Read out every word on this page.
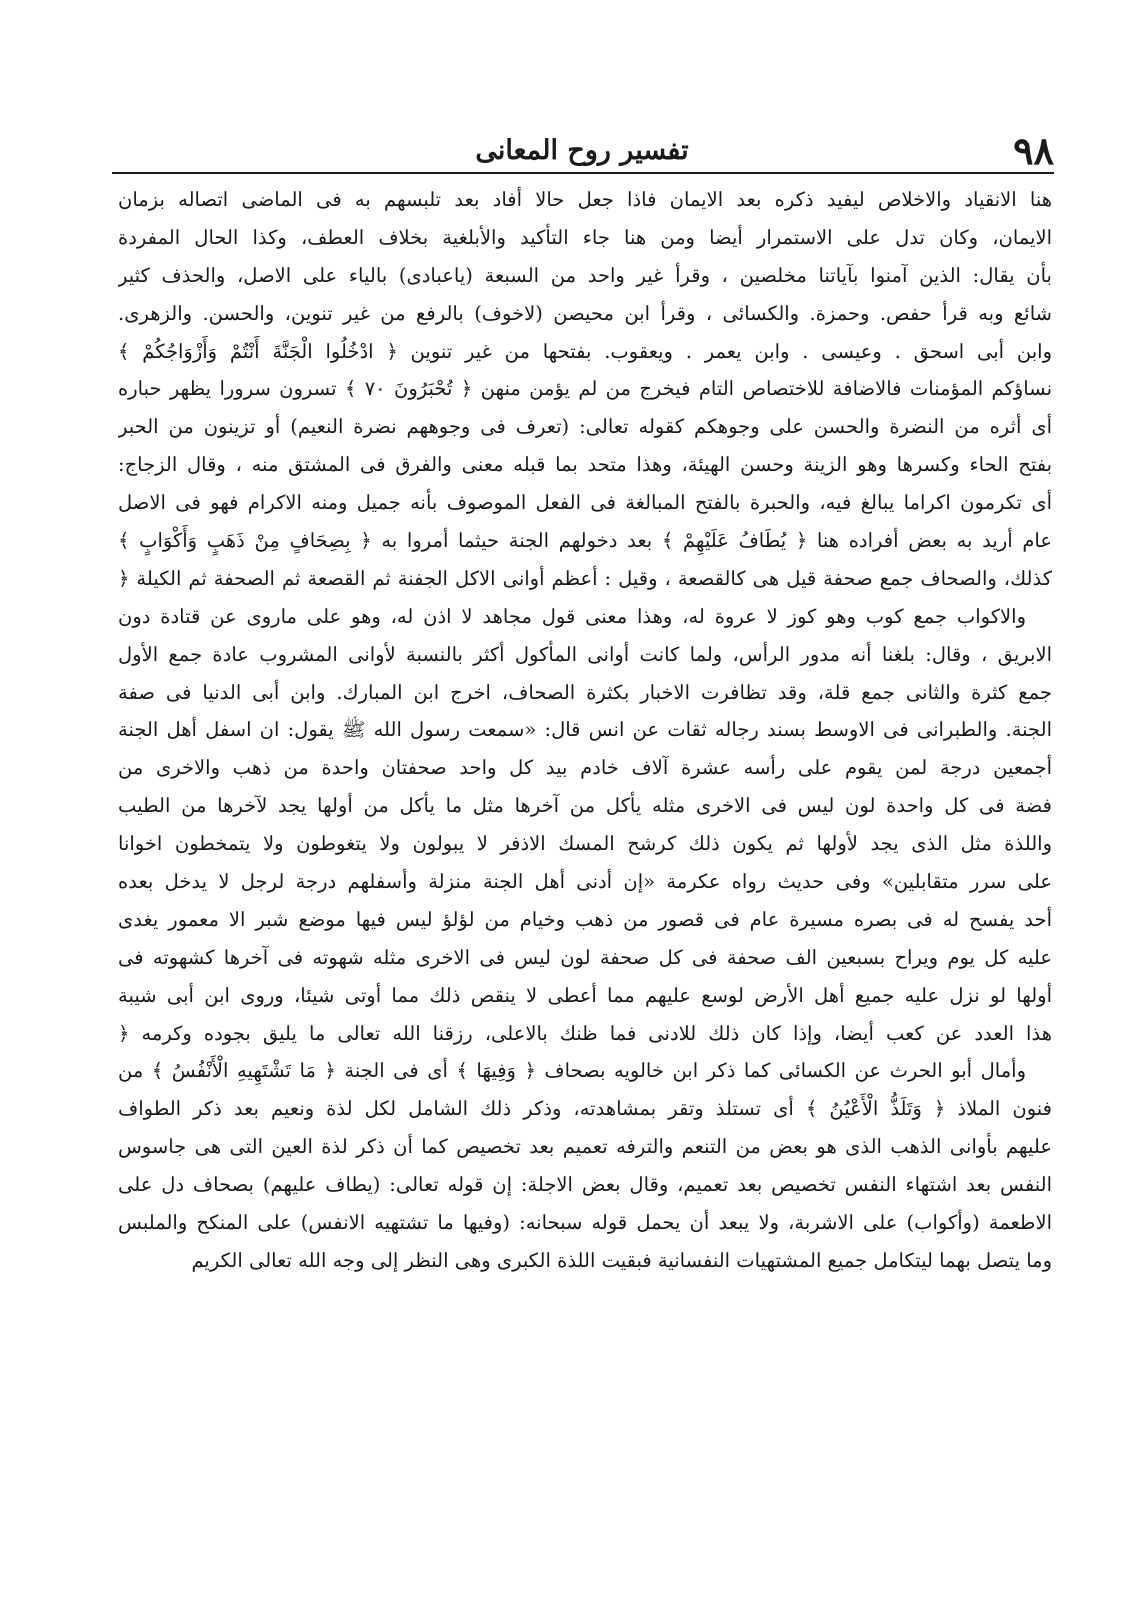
٩٨
تفسير روح المعانى
هنا الانقياد والاخلاص ليفيد ذكره بعد الايمان فاذا جعل حالا أفاد بعد تلبسهم به فى الماضى اتصاله بزمان
الايمان، وكان تدل على الاستمرار أيضا ومن هنا جاء التأكيد والأبلغية بخلاف العطف، وكذا الحال المفردة
بأن يقال: الذين آمنوا بآياتنا مخلصين ، وقرأ غير واحد من السبعة (ياعبادى) بالياء على الاصل، والحذف كثير
شائع وبه قرأ حفص. وحمزة. والكسائى ، وقرأ ابن محيصن (لاخوف) بالرفع من غير تنوين، والحسن. والزهرى.
وابن أبى اسحق . وعيسى . وابن يعمر . ويعقوب. بفتحها من غير تنوين ﴿ ادْخُلُوا الْجَنَّةَ أَنْتُمْ وَأَزْوَاجُكُمْ ﴾
نساؤكم المؤمنات فالاضافة للاختصاص التام فيخرج من لم يؤمن منهن ﴿ تُحْبَرُونَ ٧٠ ﴾ تسرون سرورا يظهر حباره
أى أثره من النضرة والحسن على وجوهكم كقوله تعالى: (تعرف فى وجوههم نضرة النعيم) أو تزينون من الحبر
بفتح الحاء وكسرها وهو الزينة وحسن الهيئة، وهذا متحد بما قبله معنى والفرق فى المشتق منه ، وقال الزجاج:
أى تكرمون اكراما يبالغ فيه، والحبرة بالفتح المبالغة فى الفعل الموصوف بأنه جميل ومنه الاكرام فهو فى الاصل
عام أريد به بعض أفراده هنا ﴿ يُطَافُ عَلَيْهِمْ ﴾ بعد دخولهم الجنة حيثما أمروا به ﴿ بِصِحَافٍ مِنْ ذَهَبٍ وَأَكْوَابٍ ﴾
كذلك، والصحاف جمع صحفة قيل هى كالقصعة ، وقيل : أعظم أوانى الاكل الجفنة ثم القصعة ثم الصحفة ثم الكيلة ﴿
والاكواب جمع كوب وهو كوز لا عروة له، وهذا معنى قول مجاهد لا اذن له، وهو على ماروى عن قتادة دون
الابريق ، وقال: بلغنا أنه مدور الرأس، ولما كانت أوانى المأكول أكثر بالنسبة لأوانى المشروب عادة جمع الأول
جمع كثرة والثانى جمع قلة، وقد تظافرت الاخبار بكثرة الصحاف، اخرج ابن المبارك. وابن أبى الدنيا فى صفة
الجنة. والطبرانى فى الاوسط بسند رجاله ثقات عن انس قال: «سمعت رسول الله ﷺ يقول: ان اسفل أهل الجنة
أجمعين درجة لمن يقوم على رأسه عشرة آلاف خادم بيد كل واحد صحفتان واحدة من ذهب والاخرى من
فضة فى كل واحدة لون ليس فى الاخرى مثله يأكل من آخرها مثل ما يأكل من أولها يجد لآخرها من الطيب
واللذة مثل الذى يجد لأولها ثم يكون ذلك كرشح المسك الاذفر لا يبولون ولا يتغوطون ولا يتمخطون اخوانا
على سرر متقابلين» وفى حديث رواه عكرمة «إن أدنى أهل الجنة منزلة وأسفلهم درجة لرجل لا يدخل بعده
أحد يفسح له فى بصره مسيرة عام فى قصور من ذهب وخيام من لؤلؤ ليس فيها موضع شبر الا معمور يغدى
عليه كل يوم ويراح بسبعين الف صحفة فى كل صحفة لون ليس فى الاخرى مثله شهوته فى آخرها كشهوته فى
أولها لو نزل عليه جميع أهل الأرض لوسع عليهم مما أعطى لا ينقص ذلك مما أوتى شيئا، وروى ابن أبى شيبة
هذا العدد عن كعب أيضا، وإذا كان ذلك للادنى فما ظنك بالاعلى، رزقنا الله تعالى ما يليق بجوده وكرمه ﴿
وأمال أبو الحرث عن الكسائى كما ذكر ابن خالويه بصحاف ﴿ وَفِيهَا ﴾ أى فى الجنة ﴿ مَا تَشْتَهِيهِ الْأَنْفُسُ ﴾ من
فنون الملاذ ﴿ وَتَلَذُّ الْأَعْيُنُ ﴾ أى تستلذ وتقر بمشاهدته، وذكر ذلك الشامل لكل لذة ونعيم بعد ذكر الطواف
عليهم بأوانى الذهب الذى هو بعض من التنعم والترفه تعميم بعد تخصيص كما أن ذكر لذة العين التى هى جاسوس
النفس بعد اشتهاء النفس تخصيص بعد تعميم، وقال بعض الاجلة: إن قوله تعالى: (يطاف عليهم) بصحاف دل على
الاطعمة (وأكواب) على الاشربة، ولا يبعد أن يحمل قوله سبحانه: (وفيها ما تشتهيه الانفس) على المنكح والملبس
وما يتصل بهما ليتكامل جميع المشتهيات النفسانية فبقيت اللذة الكبرى وهى النظر إلى وجه الله تعالى الكريم
